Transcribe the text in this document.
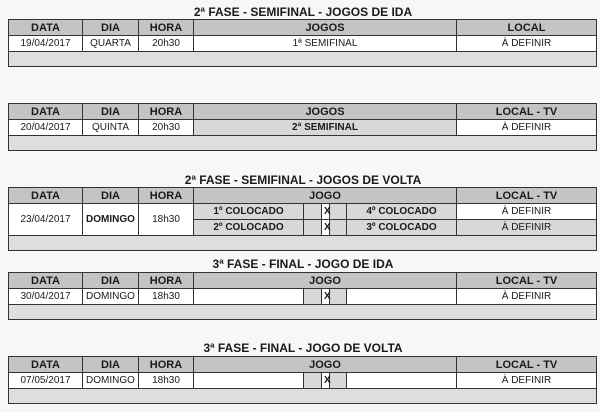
2ª FASE - SEMIFINAL - JOGOS DE IDA
DATA	DIA	HORA	JOGOS	LOCAL
19/04/2017	QUARTA	20h30	1ª SEMIFINAL	À DEFINIR

DATA	DIA	HORA	JOGOS	LOCAL - TV
20/04/2017	QUINTA	20h30	2ª SEMIFINAL	À DEFINIR

2ª FASE - SEMIFINAL - JOGOS DE VOLTA
DATA	DIA	HORA	JOGO					LOCAL - TV
23/04/2017	DOMINGO	18h30	1º COLOCADO		X		4º COLOCADO	À DEFINIR
			2º COLOCADO		X		3º COLOCADO	À DEFINIR

3ª FASE - FINAL - JOGO DE IDA
DATA	DIA	HORA	JOGO					LOCAL - TV
30/04/2017	DOMINGO	18h30			X			À DEFINIR

3ª FASE - FINAL - JOGO DE VOLTA
DATA	DIA	HORA	JOGO					LOCAL - TV
07/05/2017	DOMINGO	18h30			X			À DEFINIR
